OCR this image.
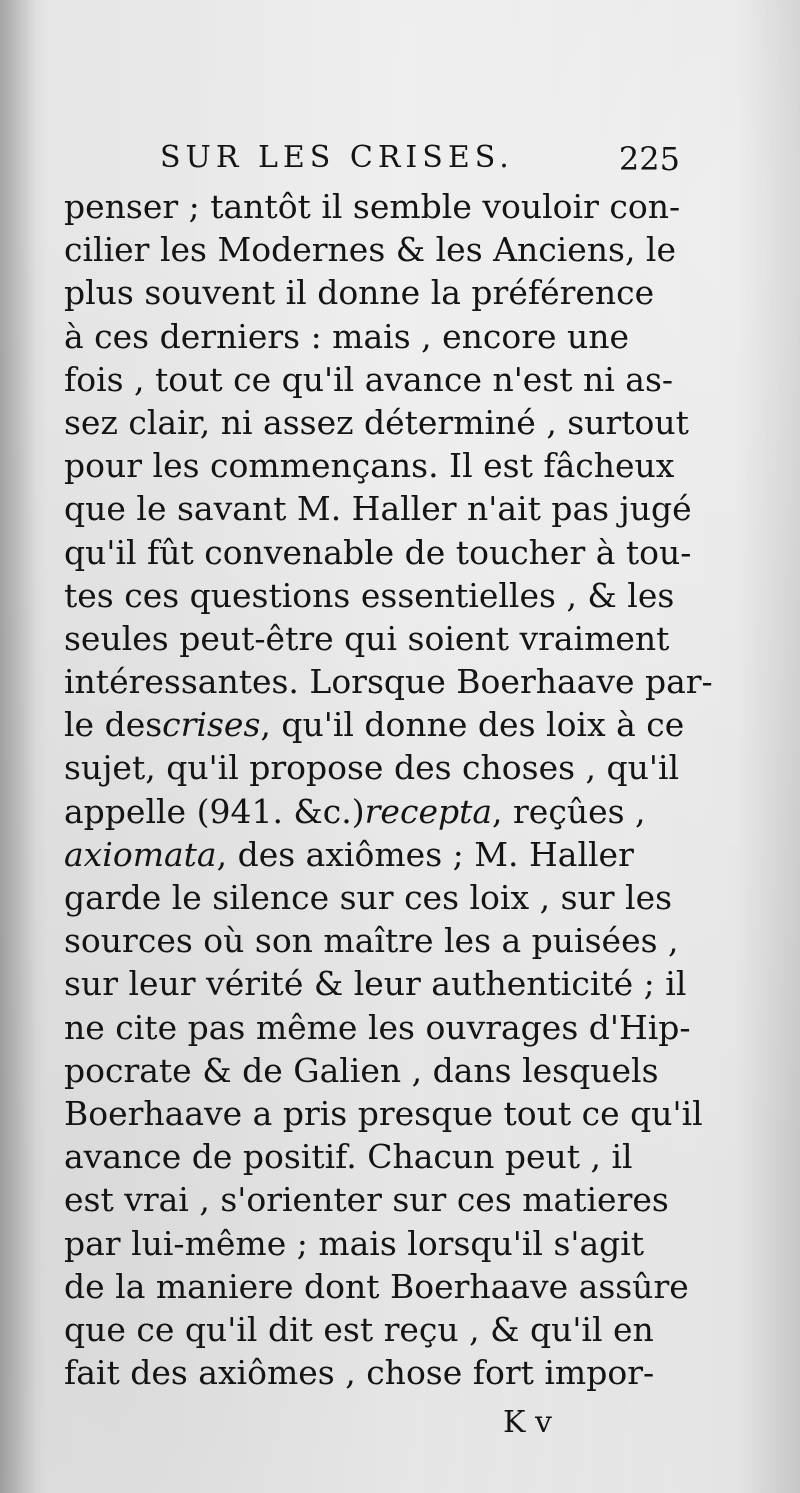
SUR LES CRISES.	225
penser ; tantôt il semble vouloir con-
cilier les Modernes & les Anciens, le
plus souvent il donne la préférence
à ces derniers : mais , encore une
fois , tout ce qu'il avance n'est ni as-
sez clair, ni assez déterminé , surtout
pour les commençans. Il est fâcheux
que le savant M. Haller n'ait pas jugé
qu'il fût convenable de toucher à tou-
tes ces questions essentielles , & les
seules peut-être qui soient vraiment
intéressantes. Lorsque Boerhaave par-
le descrises, qu'il donne des loix à ce
sujet, qu'il propose des choses , qu'il
appelle (941. &c.)recepta, reçûes ,
axiomata, des axiômes ; M. Haller
garde le silence sur ces loix , sur les
sources où son maître les a puisées ,
sur leur vérité & leur authenticité ; il
ne cite pas même les ouvrages d'Hip-
pocrate & de Galien , dans lesquels
Boerhaave a pris presque tout ce qu'il
avance de positif. Chacun peut , il
est vrai , s'orienter sur ces matieres
par lui-même ; mais lorsqu'il s'agit
de la maniere dont Boerhaave assûre
que ce qu'il dit est reçu , & qu'il en
fait des axiômes , chose fort impor-
K v
